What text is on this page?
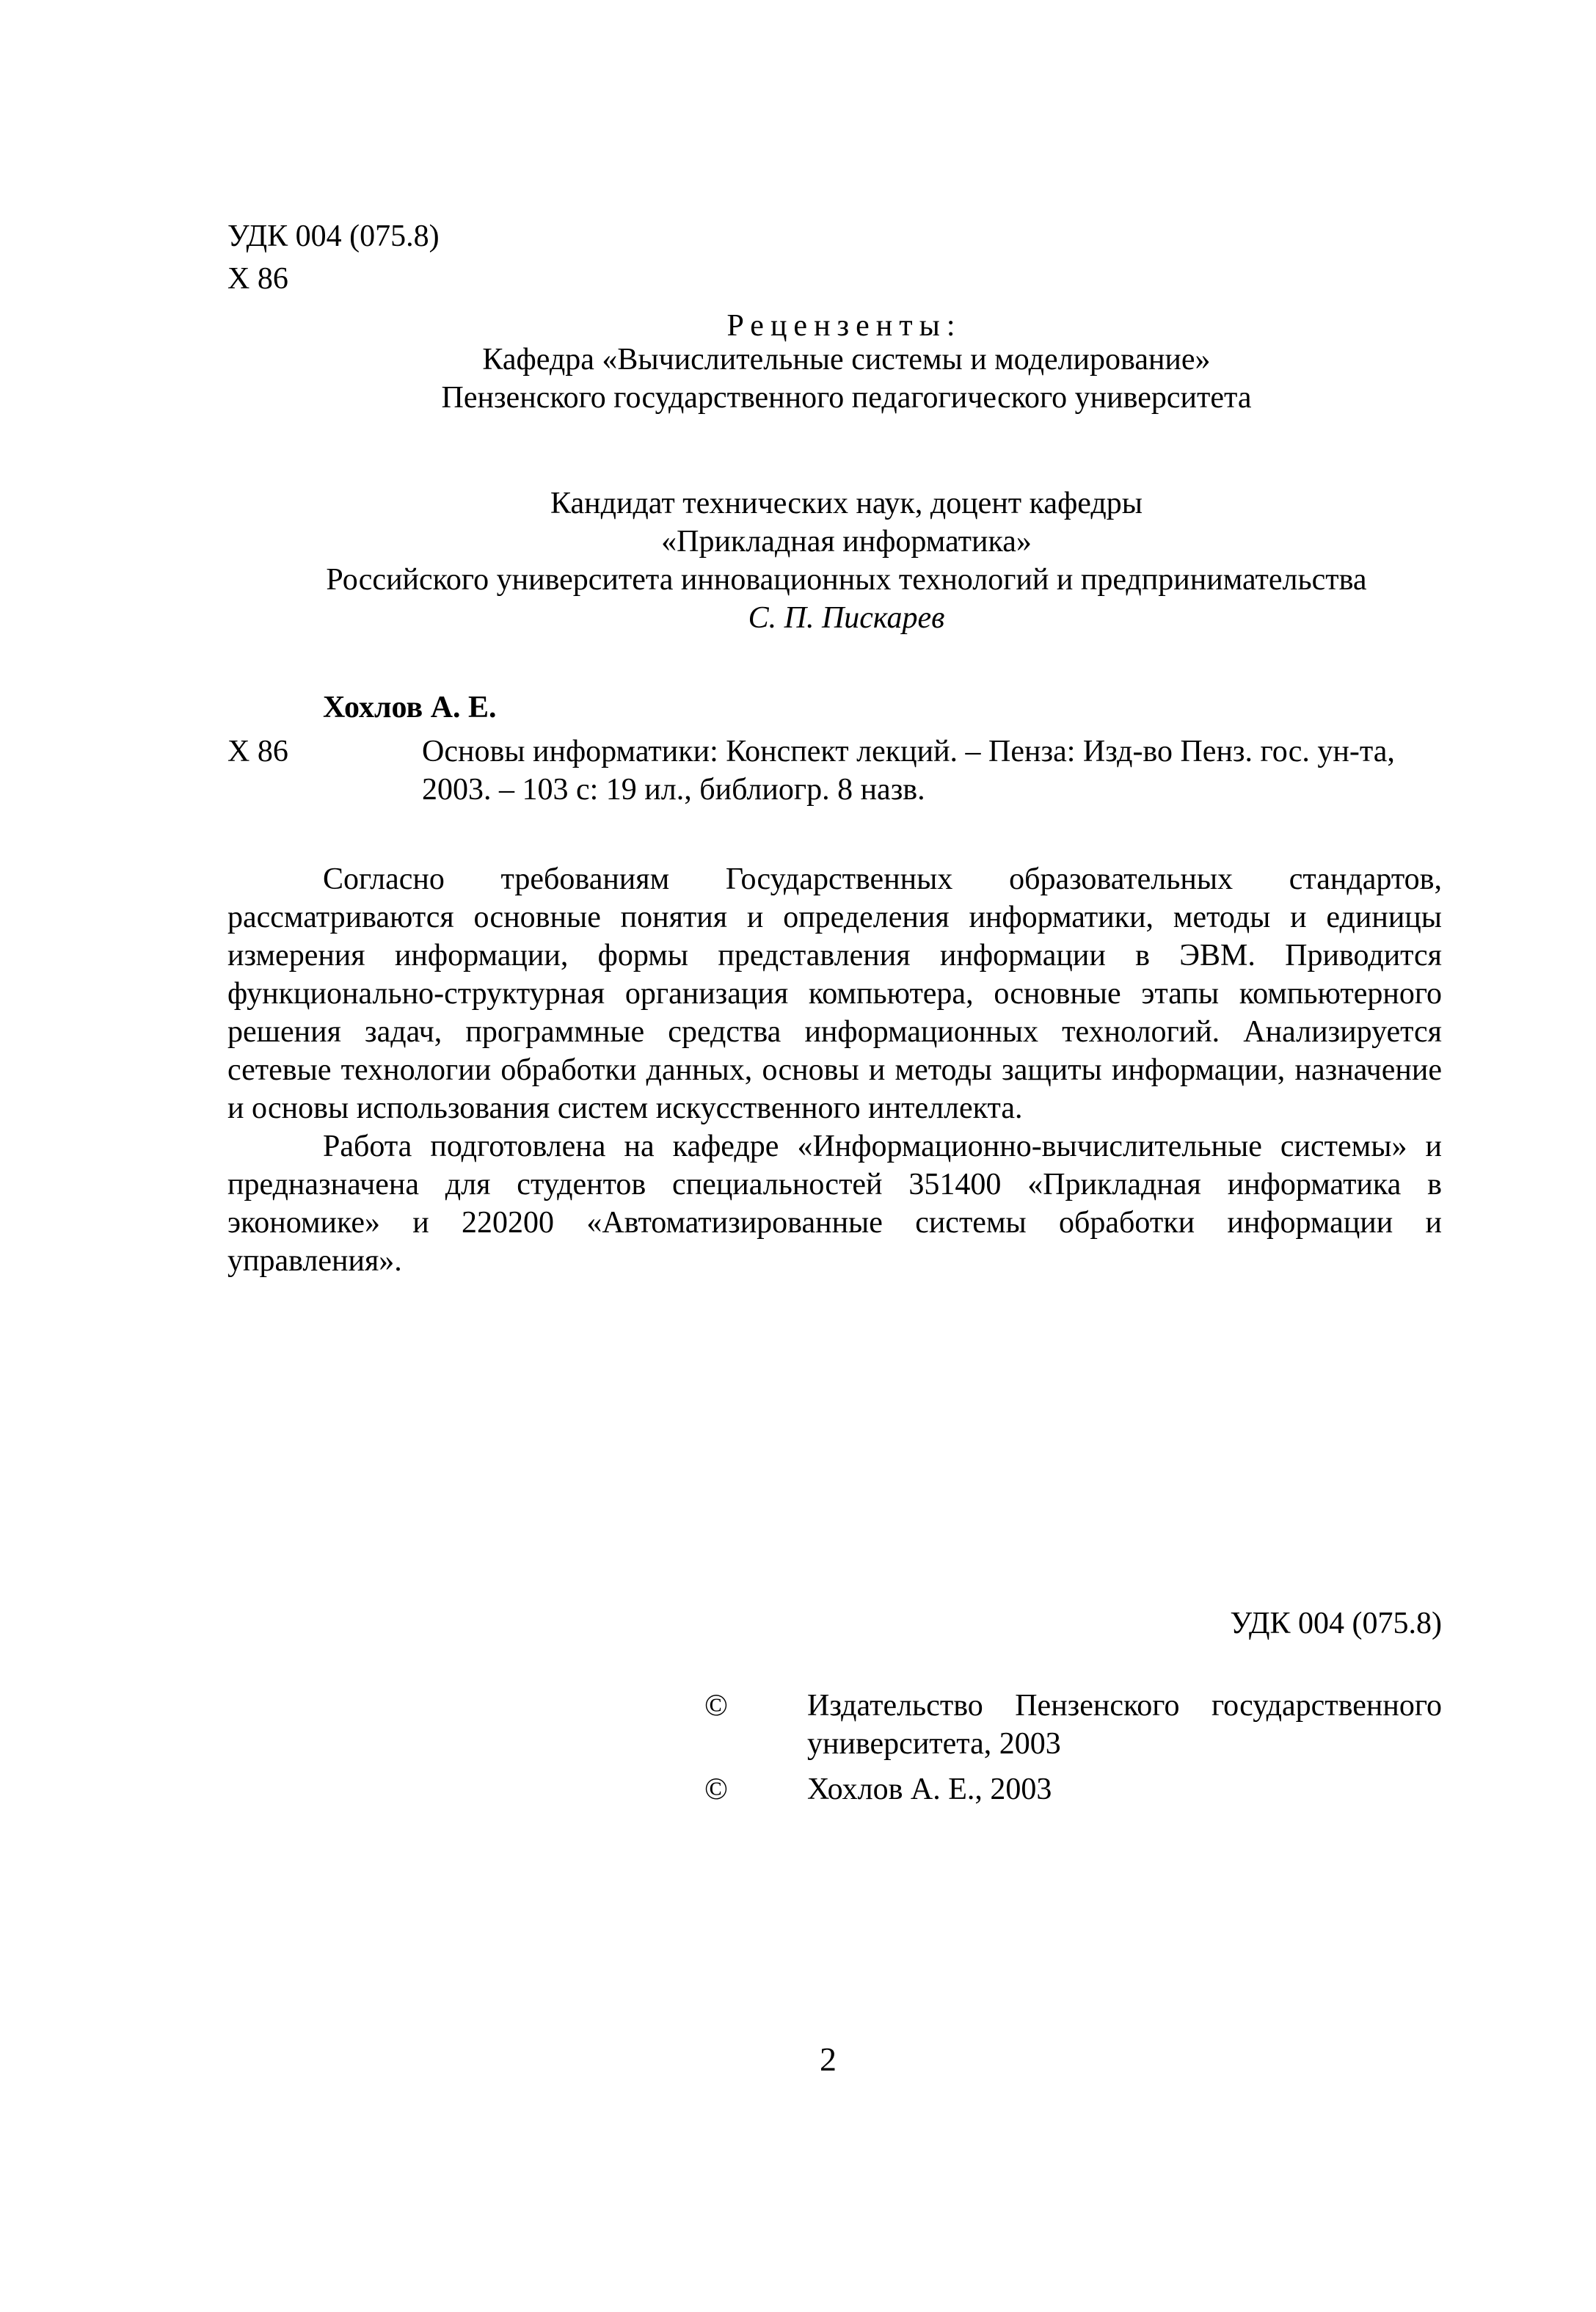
УДК 004 (075.8)
Х 86
Рецензенты:

Кафедра «Вычислительные системы и моделирование»

Пензенского государственного педагогического университета

Кандидат технических наук, доцент кафедры

«Прикладная информатика»

Российского университета инновационных технологий и предпринимательства

С. П. Пискарев

Хохлов А. Е.
Х 86	Основы информатики: Конспект лекций. – Пенза: Изд-во Пенз. гос. ун-та,

2003. – 103 с: 19 ил., библиогр. 8 назв.

Согласно требованиям Государственных образовательных стандартов, рассматриваются основные понятия и определения информатики, методы и единицы измерения информации, формы представления информации в ЭВМ. Приводится функционально-структурная организация компьютера, основные этапы компьютерного решения задач, программные средства информационных технологий. Анализируется сетевые технологии обработки данных, основы и методы защиты информации, назначение и основы использования систем искусственного интеллекта.

Работа подготовлена на кафедре «Информационно-вычислительные системы» и предназначена для студентов специальностей 351400 «Прикладная информатика в экономике» и 220200 «Автоматизированные системы обработки информации и управления».

УДК 004 (075.8)
©	Издательство Пензенского государственного университета, 2003
©	Хохлов А. Е., 2003
2
